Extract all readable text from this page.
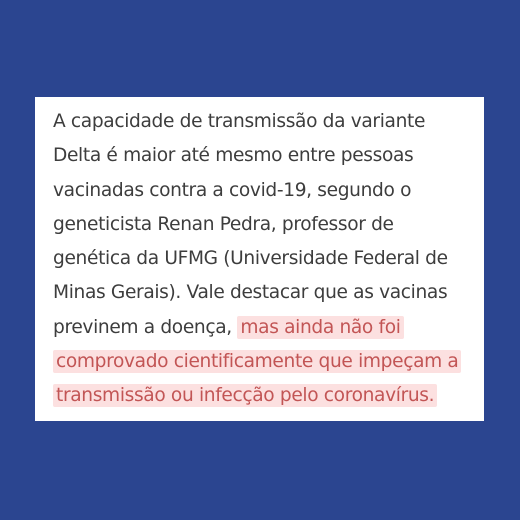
A capacidade de transmissão da variante
Delta é maior até mesmo entre pessoas
vacinadas contra a covid-19, segundo o
geneticista Renan Pedra, professor de
genética da UFMG (Universidade Federal de
Minas Gerais). Vale destacar que as vacinas
previnem a doença, mas ainda não foi
comprovado cientificamente que impeçam a
transmissão ou infecção pelo coronavírus.
